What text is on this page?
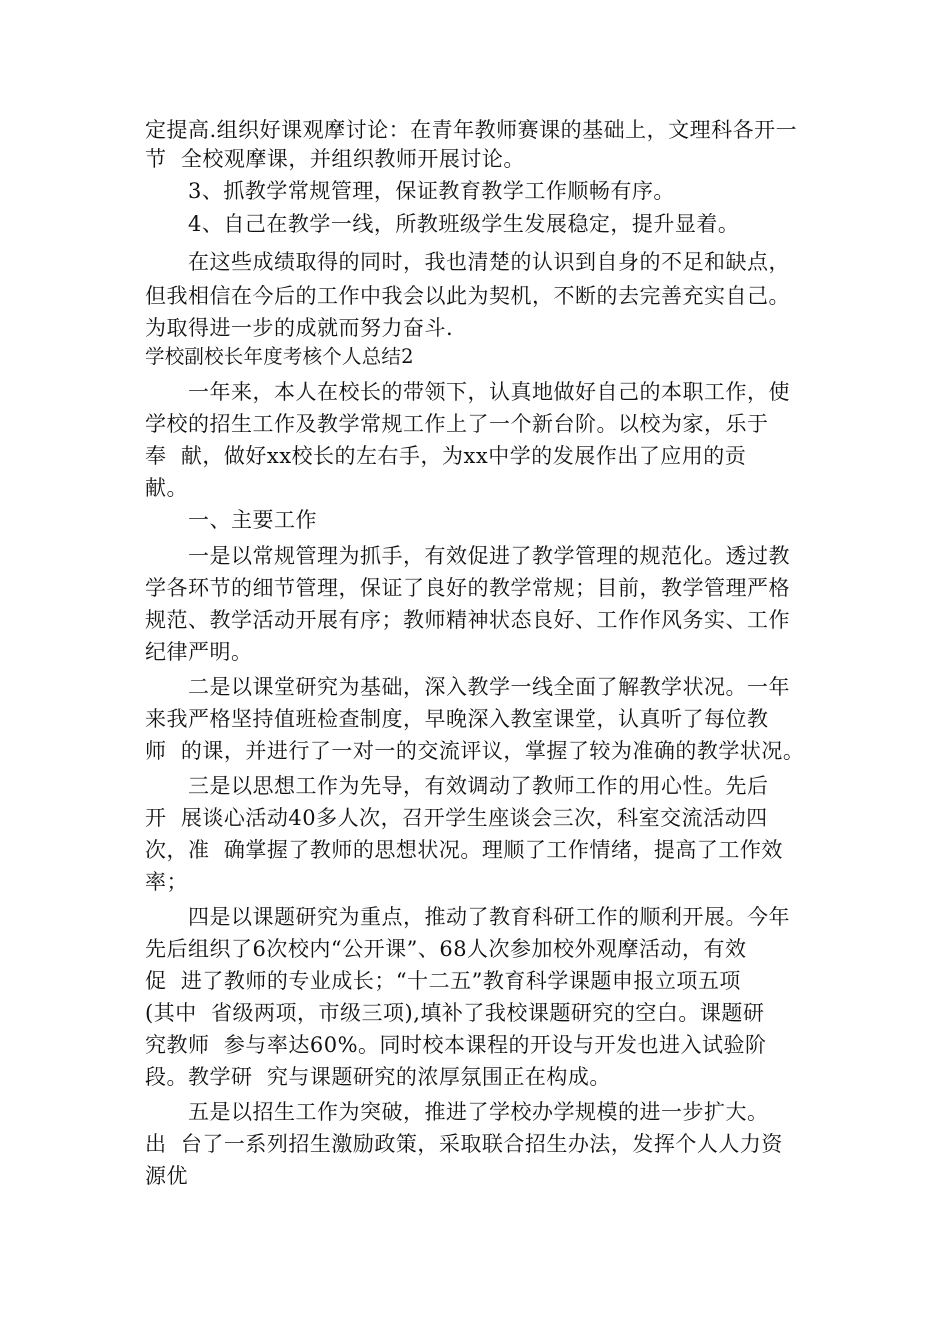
定提高.组织好课观摩讨论：在青年教师赛课的基础上，文理科各开一
节  全校观摩课，并组织教师开展讨论。
3、抓教学常规管理，保证教育教学工作顺畅有序。
4、自己在教学一线，所教班级学生发展稳定，提升显着。
在这些成绩取得的同时，我也清楚的认识到自身的不足和缺点，
但我相信在今后的工作中我会以此为契机，不断的去完善充实自己。
为取得进一步的成就而努力奋斗.
学校副校长年度考核个人总结2
一年来，本人在校长的带领下，认真地做好自己的本职工作，使
学校的招生工作及教学常规工作上了一个新台阶。以校为家，乐于
奉  献，做好xx校长的左右手，为xx中学的发展作出了应用的贡
献。
一、主要工作
一是以常规管理为抓手，有效促进了教学管理的规范化。透过教
学各环节的细节管理，保证了良好的教学常规；目前，教学管理严格
规范、教学活动开展有序；教师精神状态良好、工作作风务实、工作
纪律严明。
二是以课堂研究为基础，深入教学一线全面了解教学状况。一年
来我严格坚持值班检查制度，早晚深入教室课堂，认真听了每位教
师  的课，并进行了一对一的交流评议，掌握了较为准确的教学状况。
三是以思想工作为先导，有效调动了教师工作的用心性。先后
开  展谈心活动40多人次，召开学生座谈会三次，科室交流活动四
次，准  确掌握了教师的思想状况。理顺了工作情绪，提高了工作效
率；
四是以课题研究为重点，推动了教育科研工作的顺利开展。今年
先后组织了6次校内“公开课”、68人次参加校外观摩活动，有效
促  进了教师的专业成长；“十二五”教育科学课题申报立项五项
(其中  省级两项，市级三项),填补了我校课题研究的空白。课题研
究教师  参与率达60%。同时校本课程的开设与开发也进入试验阶
段。教学研  究与课题研究的浓厚氛围正在构成。
五是以招生工作为突破，推进了学校办学规模的进一步扩大。
出  台了一系列招生激励政策，采取联合招生办法，发挥个人人力资
源优
